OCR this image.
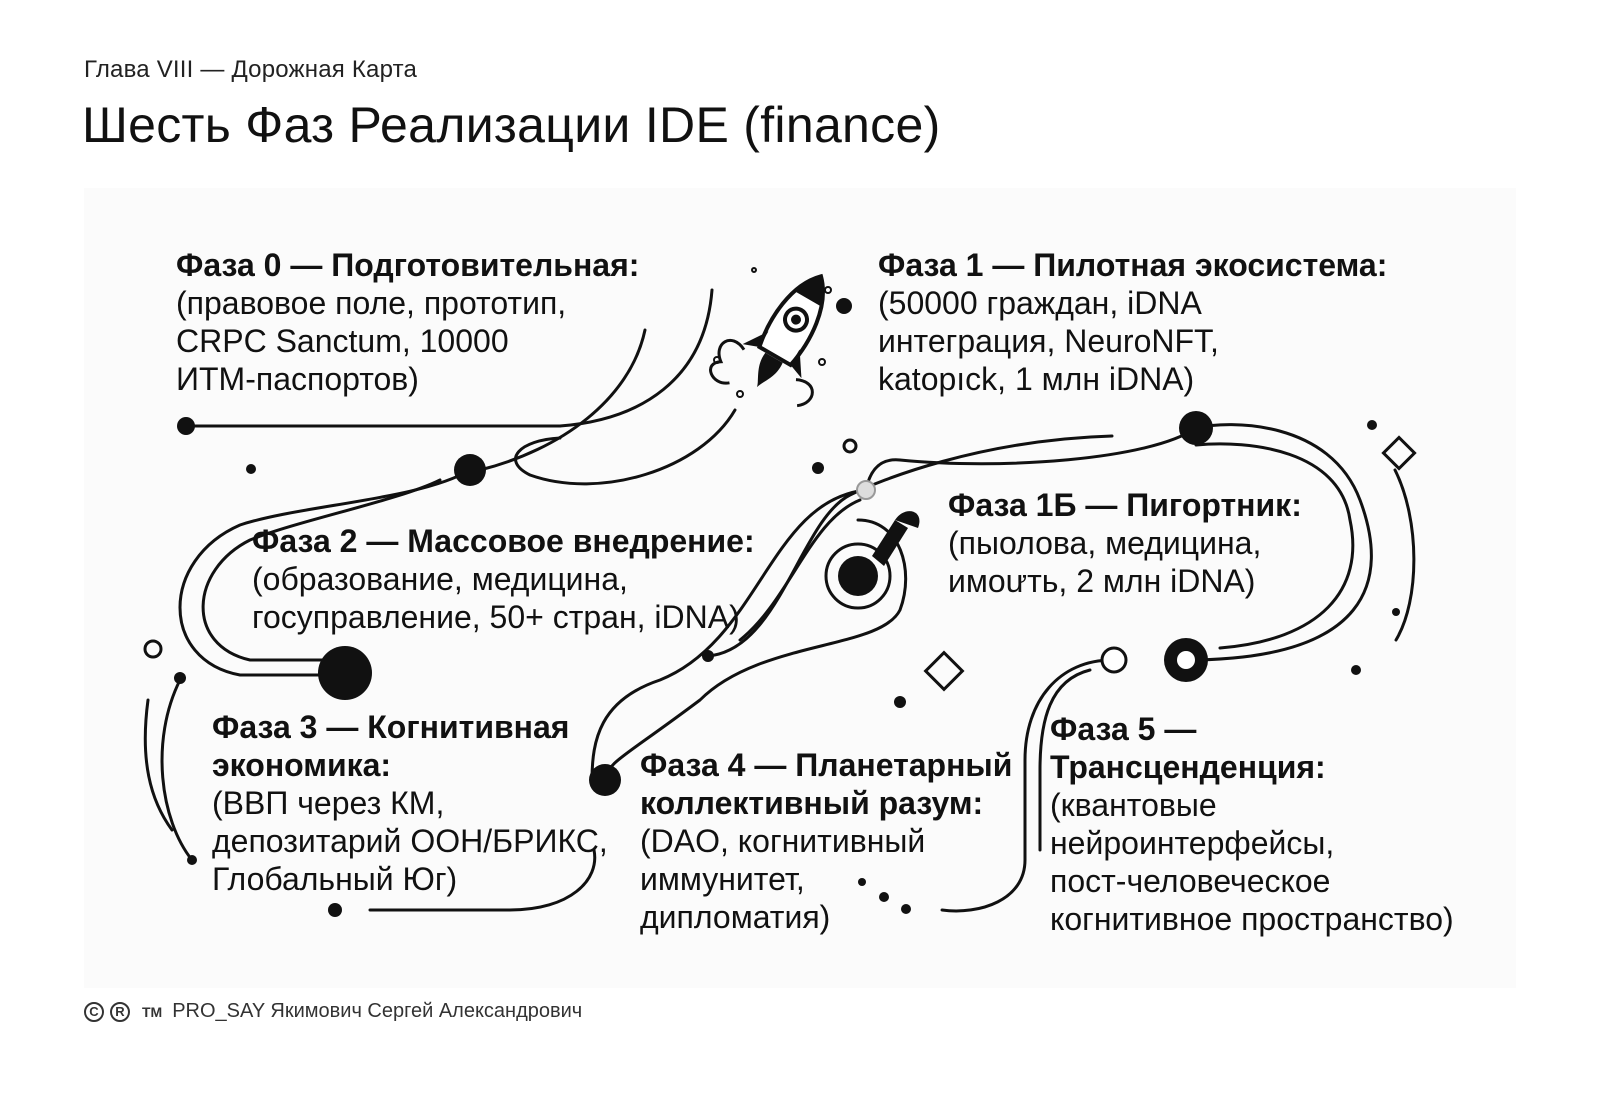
Глава VIII — Дорожная Карта
Шесть Фаз Реализации IDE (finance)
Фаза 0 — Подготовительная:
(правовое поле, прототип,
CRPC Sanctum, 10000
ИТМ-паспортов)
Фаза 1 — Пилотная экосистема:
(50000 граждан, iDNA
интеграция, NeuroNFT,
katopıck, 1 млн iDNA)
Фаза 1Б — Пигортник:
(пыолова, медицина,
имоưть, 2 млн iDNA)
Фаза 2 — Массовое внедрение:
(образование, медицина,
госуправление, 50+ стран, iDNA)
Фаза 3 — Когнитивная
экономика:
(ВВП через КМ,
депозитарий ООН/БРИКС,
Глобальный Юг)
Фаза 4 — Планетарный
коллективный разум:
(DAO, когнитивный
иммунитет,
дипломатия)
Фаза 5 —
Трансценденция:
(квантовые
нейроинтерфейсы,
пост-человеческое
когнитивное пространство)
C	R	TM PRO_SAY Якимович Сергей Александрович
